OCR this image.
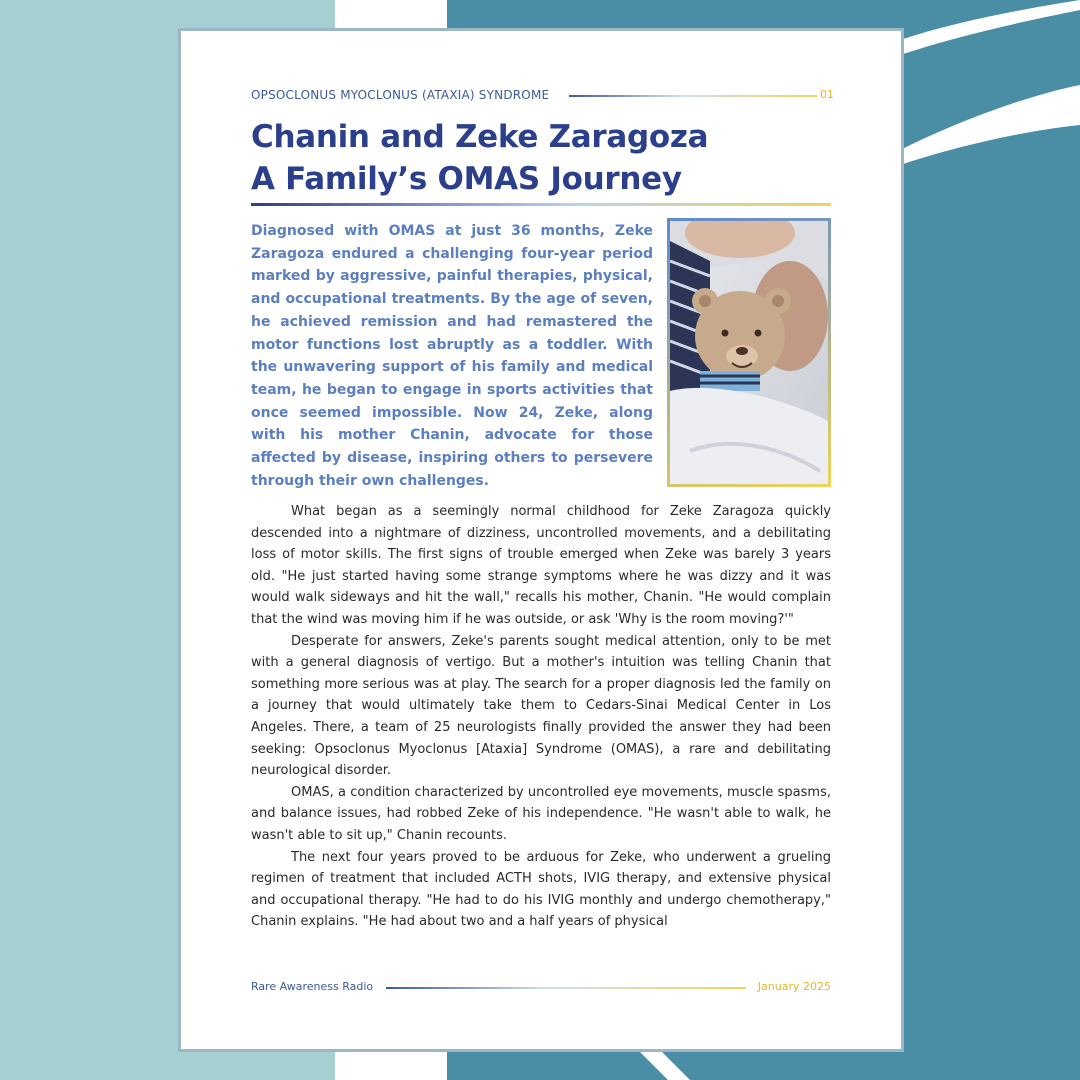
OPSOCLONUS MYOCLONUS (ATAXIA) SYNDROME	01
Chanin and Zeke Zaragoza
A Family’s OMAS Journey

Diagnosed with OMAS at just 36 months, Zeke Zaragoza endured a challenging four-year period marked by aggressive, painful therapies, physical, and occupational treatments. By the age of seven, he achieved remission and had remastered the motor functions lost abruptly as a toddler. With the unwavering support of his family and medical team, he began to engage in sports activities that once seemed impossible. Now 24, Zeke, along with his mother Chanin, advocate for those affected by disease, inspiring others to persevere through their own challenges.

What began as a seemingly normal childhood for Zeke Zaragoza quickly descended into a nightmare of dizziness, uncontrolled movements, and a debilitating loss of motor skills. The first signs of trouble emerged when Zeke was barely 3 years old. "He just started having some strange symptoms where he was dizzy and it was would walk sideways and hit the wall," recalls his mother, Chanin. "He would complain that the wind was moving him if he was outside, or ask 'Why is the room moving?'"

Desperate for answers, Zeke's parents sought medical attention, only to be met with a general diagnosis of vertigo. But a mother's intuition was telling Chanin that something more serious was at play. The search for a proper diagnosis led the family on a journey that would ultimately take them to Cedars-Sinai Medical Center in Los Angeles. There, a team of 25 neurologists finally provided the answer they had been seeking: Opsoclonus Myoclonus [Ataxia] Syndrome (OMAS), a rare and debilitating neurological disorder.

OMAS, a condition characterized by uncontrolled eye movements, muscle spasms, and balance issues, had robbed Zeke of his independence. "He wasn't able to walk, he wasn't able to sit up," Chanin recounts.

The next four years proved to be arduous for Zeke, who underwent a grueling regimen of treatment that included ACTH shots, IVIG therapy, and extensive physical and occupational therapy. "He had to do his IVIG monthly and undergo chemotherapy," Chanin explains. "He had about two and a half years of physical

Rare Awareness Radio	January 2025
